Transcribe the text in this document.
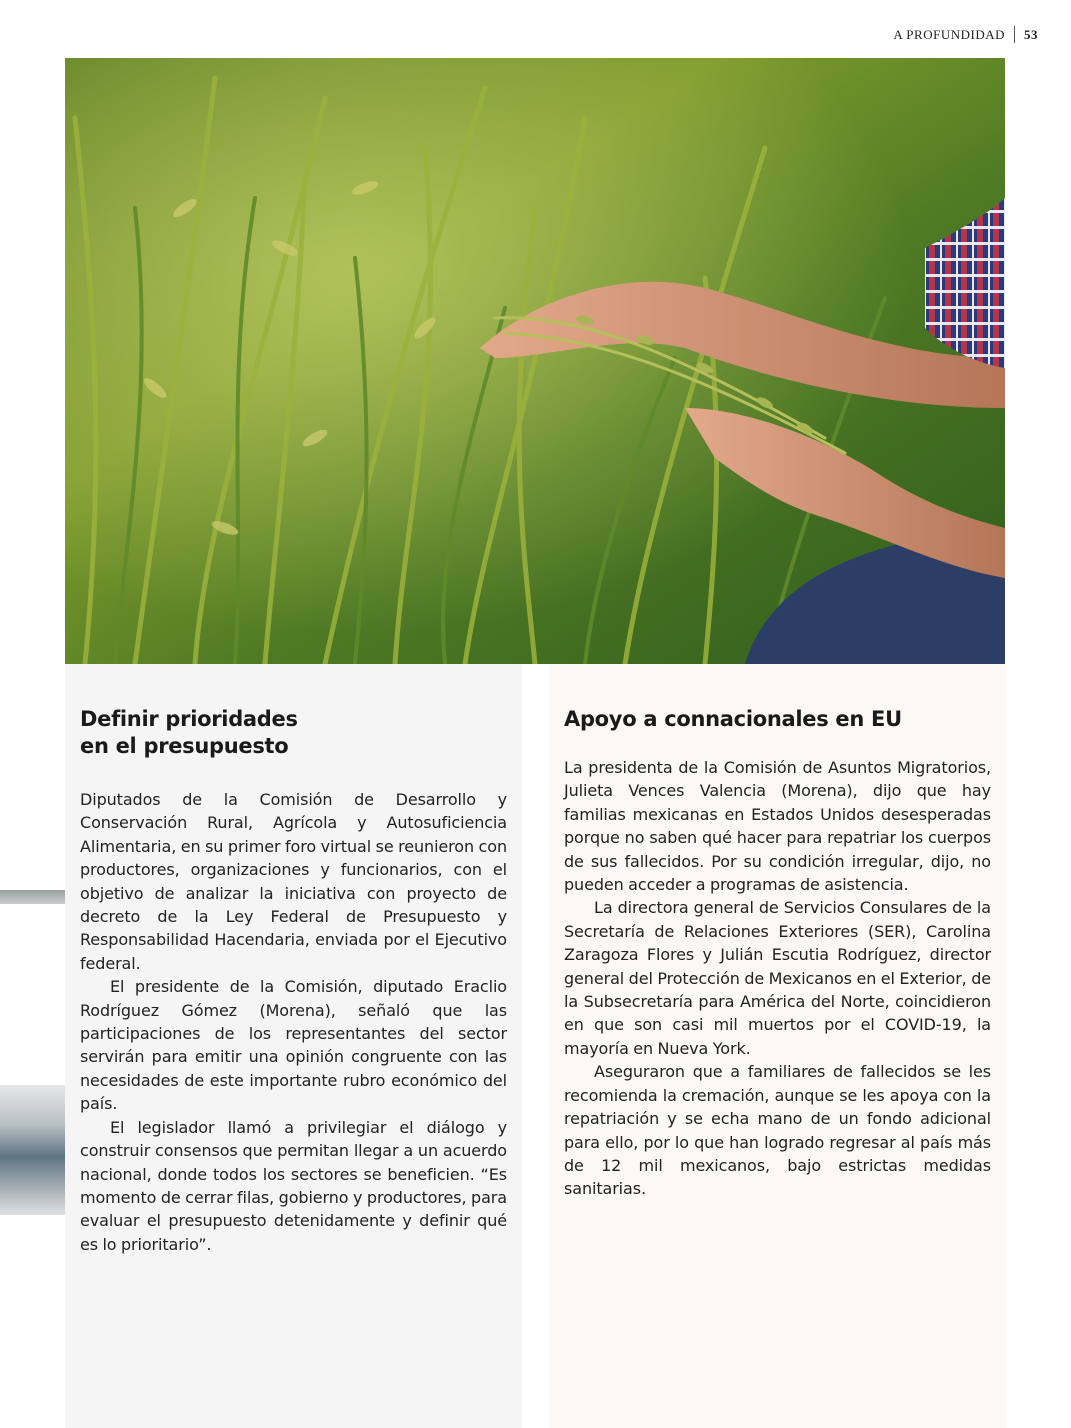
A PROFUNDIDAD 53
Definir prioridades
en el presupuesto

Diputados de la Comisión de Desarrollo y Conservación Rural, Agrícola y Autosuficiencia Alimentaria, en su primer foro virtual se reunieron con productores, organizaciones y funcionarios, con el objetivo de analizar la iniciativa con proyecto de decreto de la Ley Federal de Presupuesto y Responsabilidad Hacendaria, enviada por el Ejecutivo federal.

El presidente de la Comisión, diputado Eraclio Rodríguez Gómez (Morena), señaló que las participaciones de los representantes del sector servirán para emitir una opinión congruente con las necesidades de este importante rubro económico del país.

El legislador llamó a privilegiar el diálogo y construir consensos que permitan llegar a un acuerdo nacional, donde todos los sectores se beneficien. “Es momento de cerrar filas, gobierno y productores, para evaluar el presupuesto detenidamente y definir qué es lo prioritario”.

Apoyo a connacionales en EU

La presidenta de la Comisión de Asuntos Migratorios, Julieta Vences Valencia (Morena), dijo que hay familias mexicanas en Estados Unidos desesperadas porque no saben qué hacer para repatriar los cuerpos de sus fallecidos. Por su condición irregular, dijo, no pueden acceder a programas de asistencia.

La directora general de Servicios Consulares de la Secretaría de Relaciones Exteriores (SER), Carolina Zaragoza Flores y Julián Escutia Rodríguez, director general del Protección de Mexicanos en el Exterior, de la Subsecretaría para América del Norte, coincidieron en que son casi mil muertos por el COVID-19, la mayoría en Nueva York.

Aseguraron que a familiares de fallecidos se les recomienda la cremación, aunque se les apoya con la repatriación y se echa mano de un fondo adicional para ello, por lo que han logrado regresar al país más de 12 mil mexicanos, bajo estrictas medidas sanitarias.
